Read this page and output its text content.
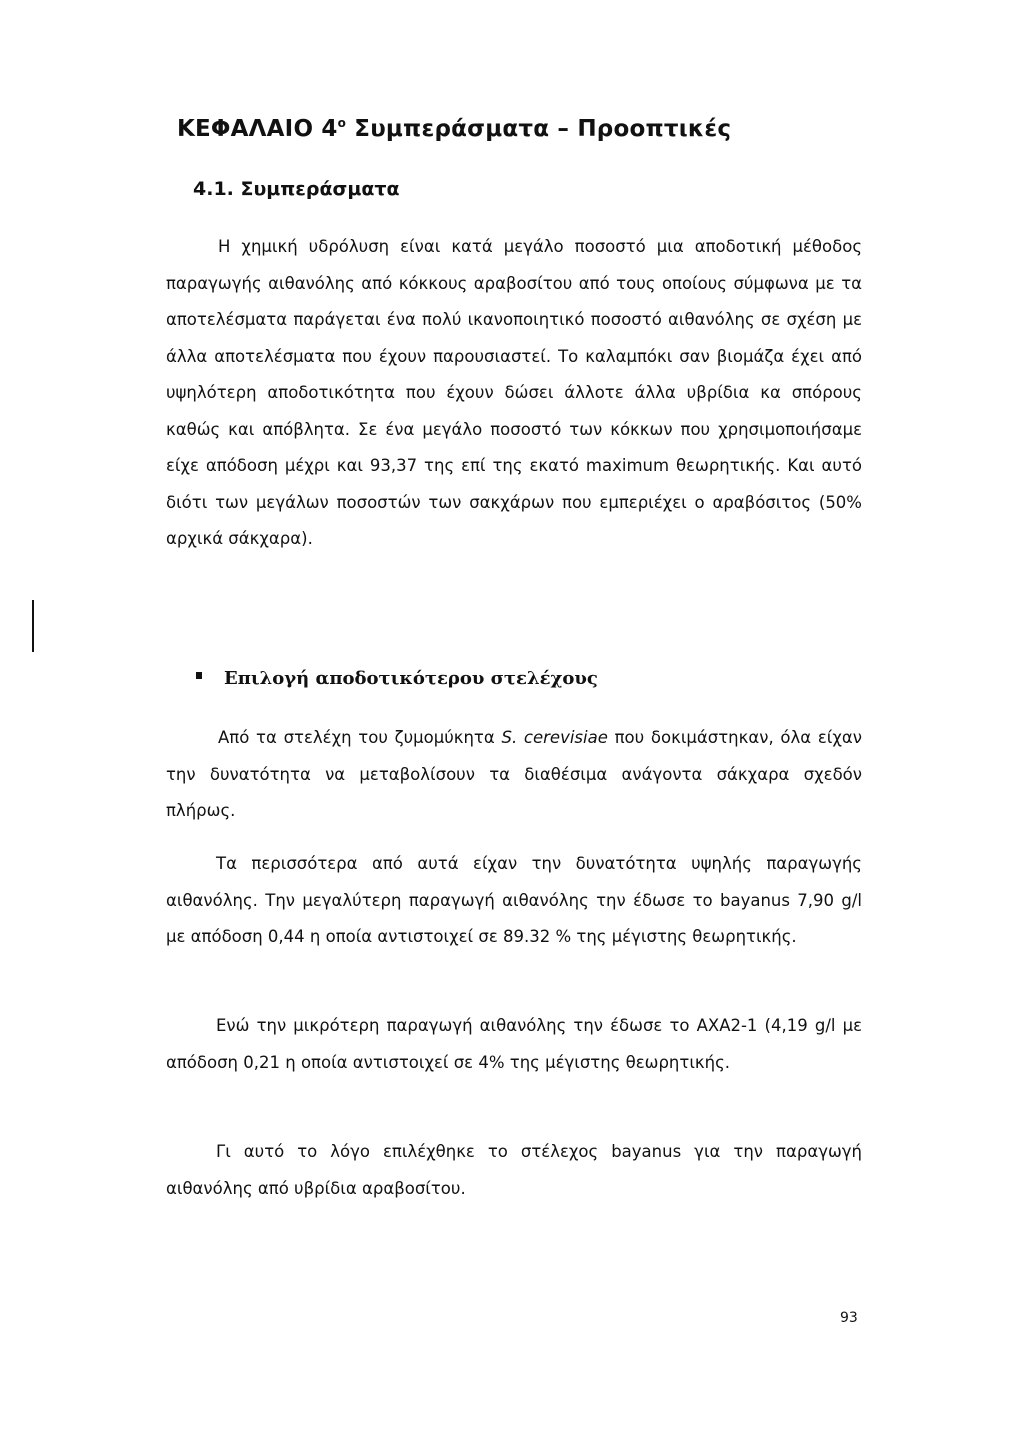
ΚΕΦΑΛΑΙΟ $4^o$ Συμπεράσματα – Προοπτικές
4.1. Συμπεράσματα

Η χημική υδρόλυση είναι κατά μεγάλο ποσοστό μια αποδοτική μέθοδος παραγωγής αιθανόλης από κόκκους αραβοσίτου από τους οποίους σύμφωνα με τα αποτελέσματα παράγεται ένα πολύ ικανοποιητικό ποσοστό αιθανόλης σε σχέση με άλλα αποτελέσματα που έχουν παρουσιαστεί. Το καλαμπόκι σαν βιομάζα έχει από υψηλότερη αποδοτικότητα που έχουν δώσει άλλοτε άλλα υβρίδια κα σπόρους καθώς και απόβλητα. Σε ένα μεγάλο ποσοστό των κόκκων που χρησιμοποιήσαμε είχε απόδοση μέχρι και 93,37 της επί της εκατό maximum θεωρητικής. Και αυτό διότι των μεγάλων ποσοστών των σακχάρων που εμπεριέχει ο αραβόσιτος (50% αρχικά σάκχαρα).

Επιλογή αποδοτικότερου στελέχους

Από τα στελέχη του ζυμομύκητα S. cerevisiae που δοκιμάστηκαν, όλα είχαν την δυνατότητα να μεταβολίσουν τα διαθέσιμα ανάγοντα σάκχαρα σχεδόν πλήρως.

Τα περισσότερα από αυτά είχαν την δυνατότητα υψηλής παραγωγής αιθανόλης. Την μεγαλύτερη παραγωγή αιθανόλης την έδωσε το bayanus 7,90 g/l με απόδοση 0,44 η οποία αντιστοιχεί σε 89.32 % της μέγιστης θεωρητικής.

Ενώ την μικρότερη παραγωγή αιθανόλης την έδωσε το ΑΧΑ2-1 (4,19 g/l με απόδοση 0,21 η οποία αντιστοιχεί σε 4% της μέγιστης θεωρητικής.

Γι αυτό το λόγο επιλέχθηκε το στέλεχος bayanus για την παραγωγή αιθανόλης από υβρίδια αραβοσίτου.

93
